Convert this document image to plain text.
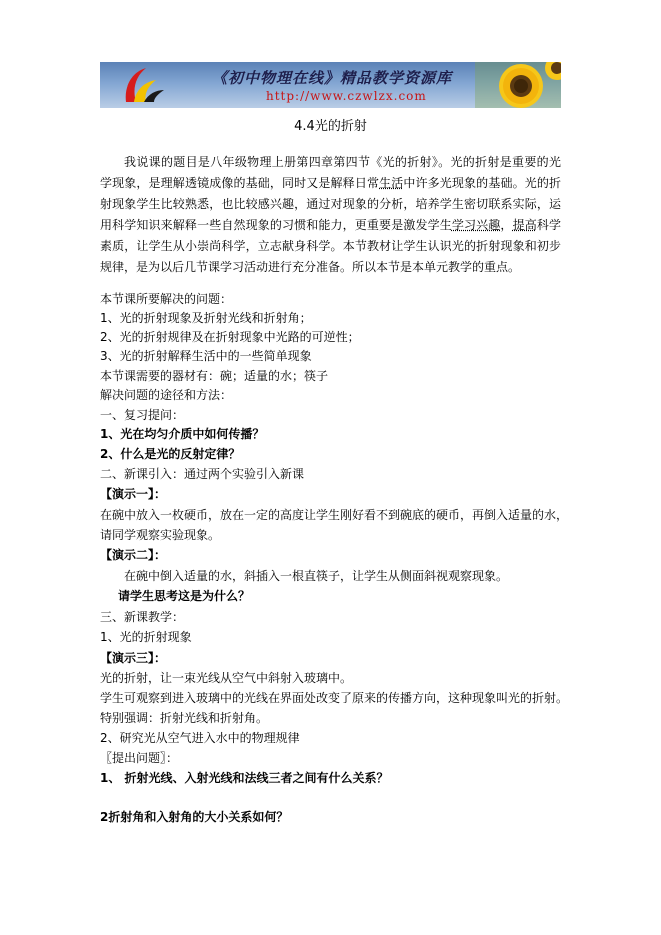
《初中物理在线》精品教学资源库
http://www.czwlzx.com
4.4光的折射

我说课的题目是八年级物理上册第四章第四节《光的折射》。光的折射是重要的光学现象，是理解透镜成像的基础，同时又是解释日常生活中许多光现象的基础。光的折射现象学生比较熟悉，也比较感兴趣，通过对现象的分析，培养学生密切联系实际，运用科学知识来解释一些自然现象的习惯和能力，更重要是激发学生学习兴趣，提高科学素质，让学生从小崇尚科学，立志献身科学。本节教材让学生认识光的折射现象和初步规律，是为以后几节课学习活动进行充分准备。所以本节是本单元教学的重点。

本节课所要解决的问题：
1、光的折射现象及折射光线和折射角；
2、光的折射规律及在折射现象中光路的可逆性；
3、光的折射解释生活中的一些简单现象
本节课需要的器材有：碗；适量的水；筷子
解决问题的途径和方法：
一、复习提问：
1、光在均匀介质中如何传播？
2、什么是光的反射定律？
二、新课引入：通过两个实验引入新课
【演示一】：
在碗中放入一枚硬币，放在一定的高度让学生刚好看不到碗底的硬币，再倒入适量的水，
请同学观察实验现象。
【演示二】：
在碗中倒入适量的水，斜插入一根直筷子，让学生从侧面斜视观察现象。
请学生思考这是为什么？
三、新课教学：
1、光的折射现象
【演示三】：
光的折射，让一束光线从空气中斜射入玻璃中。
学生可观察到进入玻璃中的光线在界面处改变了原来的传播方向，这种现象叫光的折射。
特别强调：折射光线和折射角。
2、研究光从空气进入水中的物理规律
〖提出问题〗：
1、 折射光线、入射光线和法线三者之间有什么关系？
2折射角和入射角的大小关系如何？
